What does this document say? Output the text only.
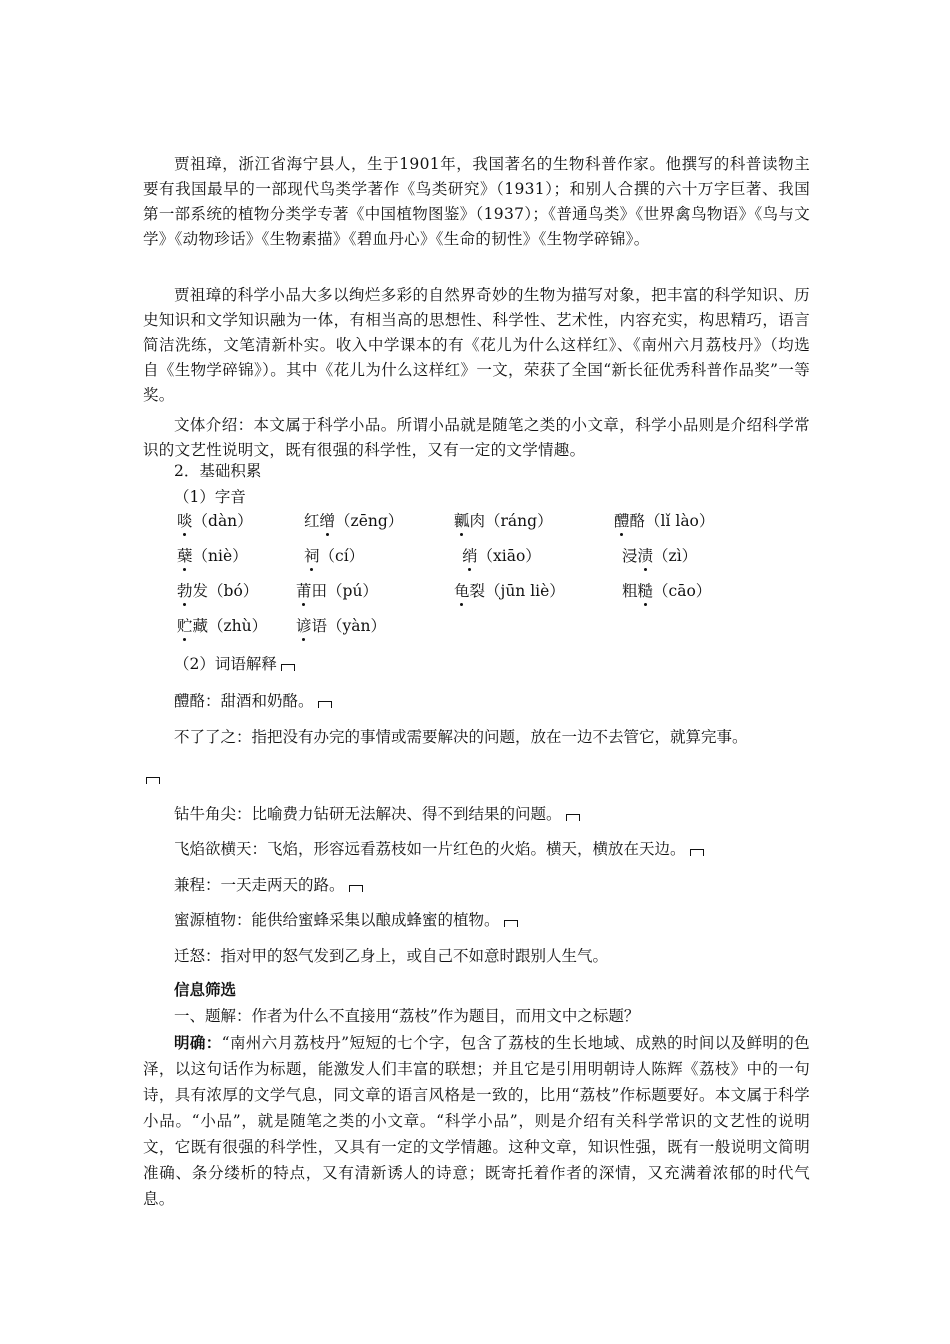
贾祖璋，浙江省海宁县人，生于1901年，我国著名的生物科普作家。他撰写的科普读物主要有我国最早的一部现代鸟类学著作《鸟类研究》（1931）；和别人合撰的六十万字巨著、我国第一部系统的植物分类学专著《中国植物图鉴》（1937）；《普通鸟类》《世界禽鸟物语》《鸟与文学》《动物珍话》《生物素描》《碧血丹心》《生命的韧性》《生物学碎锦》。

贾祖璋的科学小品大多以绚烂多彩的自然界奇妙的生物为描写对象，把丰富的科学知识、历史知识和文学知识融为一体，有相当高的思想性、科学性、艺术性，内容充实，构思精巧，语言简洁洗练，文笔清新朴实。收入中学课本的有《花儿为什么这样红》、《南州六月荔枝丹》（均选自《生物学碎锦》）。其中《花儿为什么这样红》一文，荣获了全国“新长征优秀科普作品奖”一等奖。

文体介绍：本文属于科学小品。所谓小品就是随笔之类的小文章，科学小品则是介绍科学常识的文艺性说明文，既有很强的科学性，又有一定的文学情趣。

2．基础积累

（1）字音

啖（dàn）	红缯（zēng）	瓤肉（ráng）	醴酪（lǐ lào）
蘖（niè）	祠（cí）	绡（xiāo）	浸渍（zì）
勃发（bó） 莆田（pú）	龟裂（jūn liè）	粗糙（cāo）
贮藏（zhù） 谚语（yàn）

（2）词语解释

醴酪：甜酒和奶酪。

不了了之：指把没有办完的事情或需要解决的问题，放在一边不去管它，就算完事。

钻牛角尖：比喻费力钻研无法解决、得不到结果的问题。

飞焰欲横天：飞焰，形容远看荔枝如一片红色的火焰。横天，横放在天边。

兼程：一天走两天的路。

蜜源植物：能供给蜜蜂采集以酿成蜂蜜的植物。

迁怒：指对甲的怒气发到乙身上，或自己不如意时跟别人生气。

信息筛选

一、题解：作者为什么不直接用“荔枝”作为题目，而用文中之标题？

明确：“南州六月荔枝丹”短短的七个字，包含了荔枝的生长地域、成熟的时间以及鲜明的色泽，以这句话作为标题，能激发人们丰富的联想；并且它是引用明朝诗人陈辉《荔枝》中的一句诗，具有浓厚的文学气息，同文章的语言风格是一致的，比用“荔枝”作标题要好。本文属于科学小品。“小品”，就是随笔之类的小文章。“科学小品”，则是介绍有关科学常识的文艺性的说明文，它既有很强的科学性，又具有一定的文学情趣。这种文章，知识性强，既有一般说明文简明准确、条分缕析的特点，又有清新诱人的诗意；既寄托着作者的深情，又充满着浓郁的时代气息。
